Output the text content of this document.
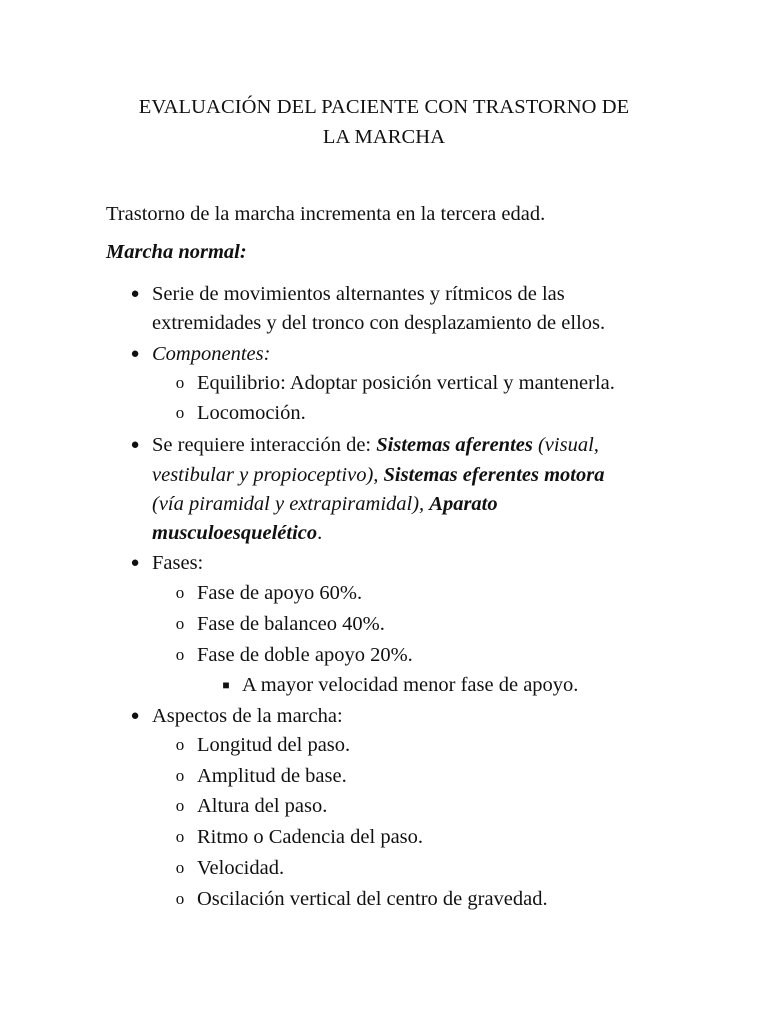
EVALUACIÓN DEL PACIENTE CON TRASTORNO DE
LA MARCHA
Trastorno de la marcha incrementa en la tercera edad.
Marcha normal:
● Serie de movimientos alternantes y rítmicos de las
extremidades y del tronco con desplazamiento de ellos.
● Componentes:
o Equilibrio: Adoptar posición vertical y mantenerla.
o Locomoción.
● Se requiere interacción de: Sistemas aferentes (visual,
vestibular y propioceptivo), Sistemas eferentes motora
(vía piramidal y extrapiramidal), Aparato
musculoesquelético.
● Fases:
o Fase de apoyo 60%.
o Fase de balanceo 40%.
o Fase de doble apoyo 20%.
■ A mayor velocidad menor fase de apoyo.
● Aspectos de la marcha:
o Longitud del paso.
o Amplitud de base.
o Altura del paso.
o Ritmo o Cadencia del paso.
o Velocidad.
o Oscilación vertical del centro de gravedad.
